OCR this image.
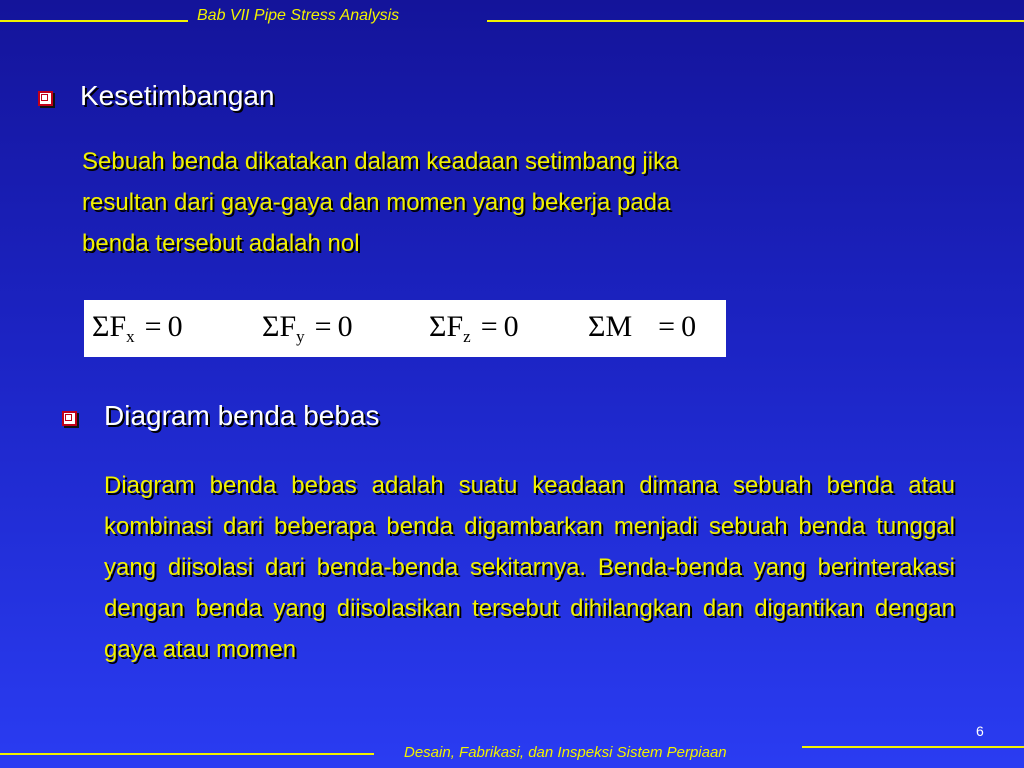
Bab VII Pipe Stress Analysis
Kesetimbangan
Sebuah benda dikatakan dalam keadaan setimbang jika
resultan dari gaya-gaya dan momen yang bekerja pada
benda tersebut adalah nol
$\Sigma F_x = 0$	$\Sigma F_y = 0$	$\Sigma F_z = 0$ ΣM = 0
Diagram benda bebas
Diagram benda bebas adalah suatu keadaan dimana sebuah benda atau kombinasi dari beberapa benda digambarkan menjadi sebuah benda tunggal yang diisolasi dari benda-benda sekitarnya. Benda-benda yang berinterakasi dengan benda yang diisolasikan tersebut dihilangkan dan digantikan dengan gaya atau momen
6
Desain, Fabrikasi, dan Inspeksi Sistem Perpiaan
